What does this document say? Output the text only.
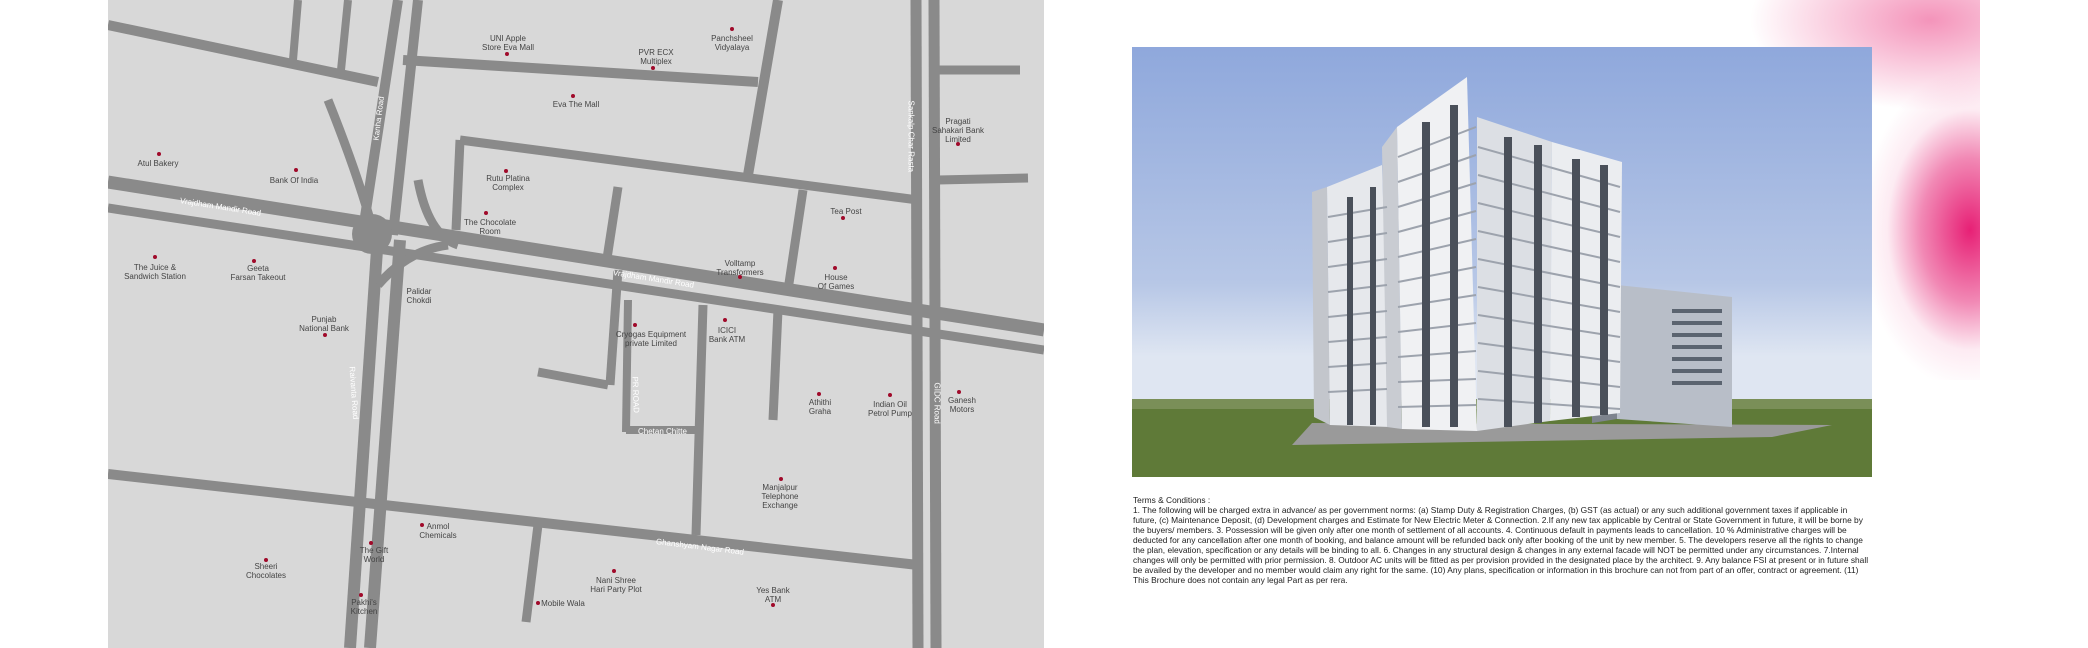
Vrajdham Mandir Road
Vrajdham Mandir Road
Kanha Road	Sankalp Char Rasta
Raivanta Road	PR ROAD
Chetan Chitte
GIDC Road
Ghanshyam Nagar Road
UNI Apple
Store Eva Mall
PVR ECX
Multiplex
Panchsheel
Vidyalaya
Eva The Mall
Pragati
Sahakari Bank
Limited
Atul Bakery
Bank Of India	Rutu Platina
Complex
The Chocolate
Room
Tea Post
The Juice &
Sandwich Station
Geeta
Farsan Takeout
Volltamp
Transformers
House
Of Games
Punjab
National Bank
Palidar
Chokdi
Cryogas Equipment
private Limited
ICICI
Bank ATM
Athithi
Graha
Indian Oil
Petrol Pump
Ganesh
Motors
Manjalpur
Telephone
Exchange
Anmol
Chemicals
The Gift
World
Sheeri
Chocolates
Nani Shree
Hari Party Plot	Yes Bank
ATM
Pakhi's
Kitchen
Mobile Wala

Terms & Conditions :

1. The following will be charged extra in advance/ as per government norms: (a) Stamp Duty & Registration Charges, (b) GST (as actual) or any such additional government taxes if applicable in future, (c) Maintenance Deposit, (d) Development charges and Estimate for New Electric Meter & Connection. 2.If any new tax applicable by Central or State Government in future, it will be borne by the buyers/ members. 3. Possession will be given only after one month of settlement of all accounts. 4. Continuous default in payments leads to cancellation. 10 % Administrative charges will be deducted for any cancellation after one month of booking, and balance amount will be refunded back only after booking of the unit by new member. 5. The developers reserve all the rights to change the plan, elevation, specification or any details will be binding to all. 6. Changes in any structural design & changes in any external facade will NOT be permitted under any circumstances. 7.Internal changes will only be permitted with prior permission. 8. Outdoor AC units will be fitted as per provision provided in the designated place by the architect. 9. Any balance FSI at present or in future shall be availed by the developer and no member would claim any right for the same. (10) Any plans, specification or information in this brochure can not from part of an offer, contract or agreement. (11) This Brochure does not contain any legal Part as per rera.
